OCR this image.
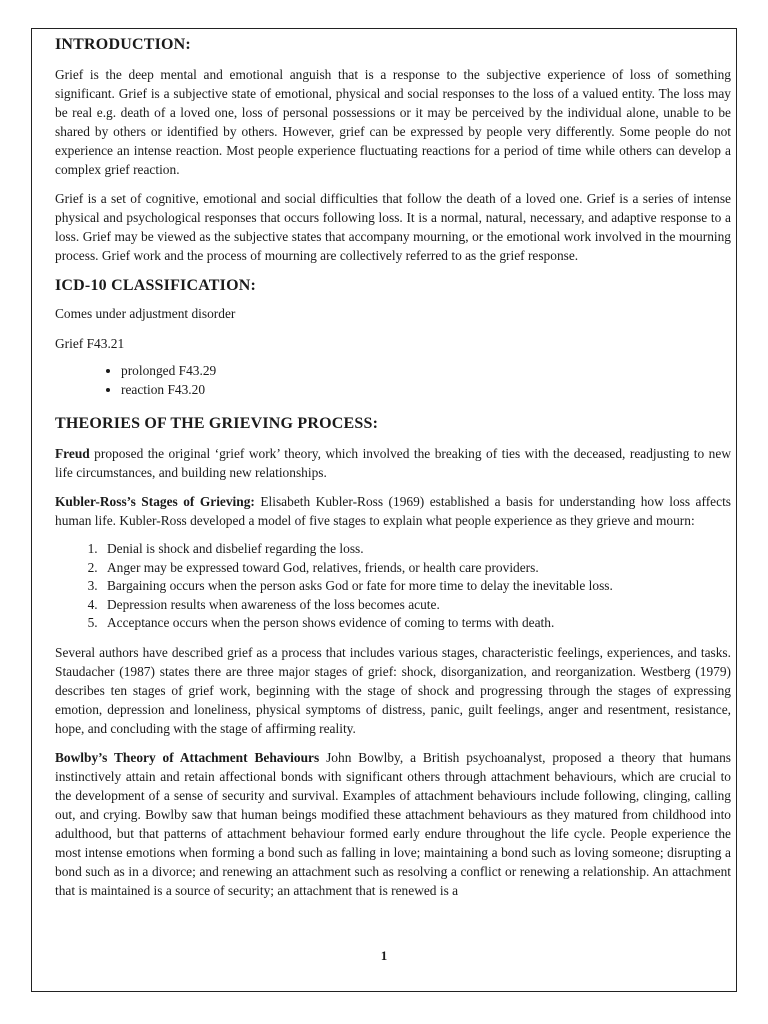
INTRODUCTION:

Grief is the deep mental and emotional anguish that is a response to the subjective experience of loss of something significant. Grief is a subjective state of emotional, physical and social responses to the loss of a valued entity. The loss may be real e.g. death of a loved one, loss of personal possessions or it may be perceived by the individual alone, unable to be shared by others or identified by others. However, grief can be expressed by people very differently. Some people do not experience an intense reaction. Most people experience fluctuating reactions for a period of time while others can develop a complex grief reaction.

Grief is a set of cognitive, emotional and social difficulties that follow the death of a loved one. Grief is a series of intense physical and psychological responses that occurs following loss. It is a normal, natural, necessary, and adaptive response to a loss. Grief may be viewed as the subjective states that accompany mourning, or the emotional work involved in the mourning process. Grief work and the process of mourning are collectively referred to as the grief response.

ICD-10 CLASSIFICATION:

Comes under adjustment disorder

Grief F43.21

• prolonged F43.29
• reaction F43.20
THEORIES OF THE GRIEVING PROCESS:

Freud proposed the original ‘grief work’ theory, which involved the breaking of ties with the deceased, readjusting to new life circumstances, and building new relationships.

Kubler-Ross’s Stages of Grieving: Elisabeth Kubler-Ross (1969) established a basis for understanding how loss affects human life. Kubler-Ross developed a model of five stages to explain what people experience as they grieve and mourn:

1. Denial is shock and disbelief regarding the loss.
2. Anger may be expressed toward God, relatives, friends, or health care providers.
3. Bargaining occurs when the person asks God or fate for more time to delay the inevitable loss.
4. Depression results when awareness of the loss becomes acute.
5. Acceptance occurs when the person shows evidence of coming to terms with death.

Several authors have described grief as a process that includes various stages, characteristic feelings, experiences, and tasks. Staudacher (1987) states there are three major stages of grief: shock, disorganization, and reorganization. Westberg (1979) describes ten stages of grief work, beginning with the stage of shock and progressing through the stages of expressing emotion, depression and loneliness, physical symptoms of distress, panic, guilt feelings, anger and resentment, resistance, hope, and concluding with the stage of affirming reality.

Bowlby’s Theory of Attachment Behaviours John Bowlby, a British psychoanalyst, proposed a theory that humans instinctively attain and retain affectional bonds with significant others through attachment behaviours, which are crucial to the development of a sense of security and survival. Examples of attachment behaviours include following, clinging, calling out, and crying. Bowlby saw that human beings modified these attachment behaviours as they matured from childhood into adulthood, but that patterns of attachment behaviour formed early endure throughout the life cycle. People experience the most intense emotions when forming a bond such as falling in love; maintaining a bond such as loving someone; disrupting a bond such as in a divorce; and renewing an attachment such as resolving a conflict or renewing a relationship. An attachment that is maintained is a source of security; an attachment that is renewed is a

1
